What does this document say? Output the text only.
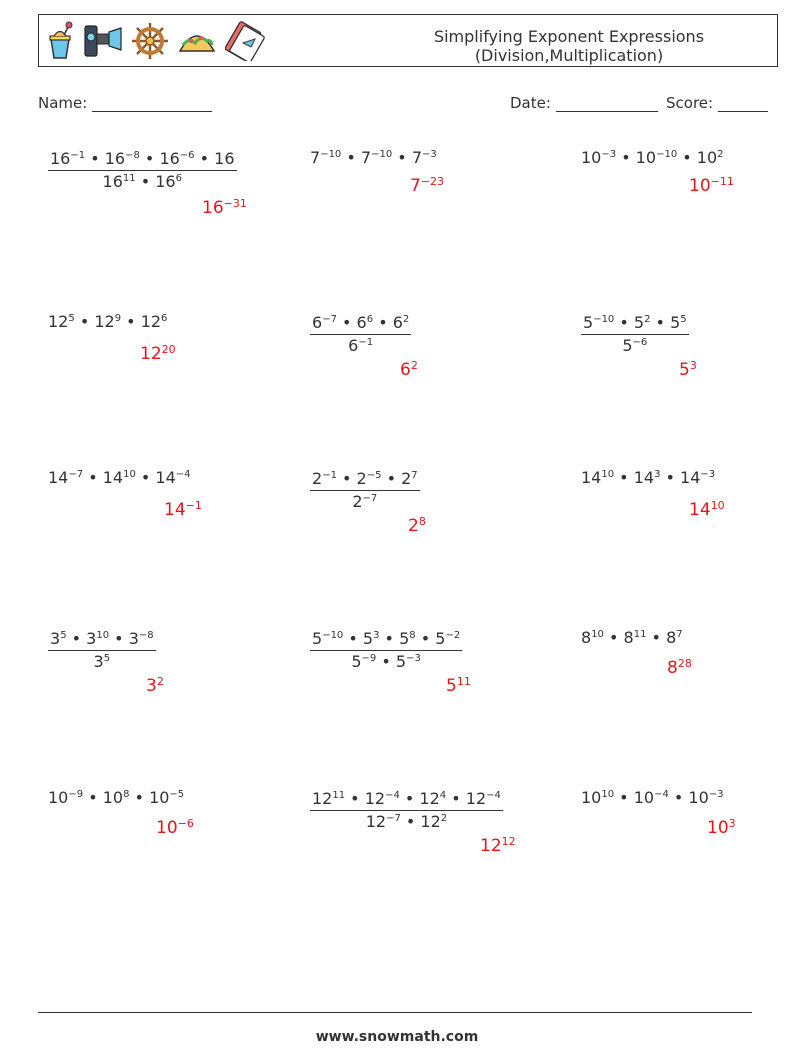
Simplifying Exponent Expressions
(Division,Multiplication)
Name:	Date:	Score:
$\frac{16^{-1} • 16^{-8} • 16^{-6} • 16}{16^{11} • 16^6}$
$16^{-31}$
$7^{-10}$ • $7^{-10}$ • $7^{-3}$
$7^{-23}$
$10^{-3}$ • $10^{-10}$ • $10^2$
$10^{-11}$
$12^5$ • $12^9$ • $12^6$
$12^{20}$	$\frac{6^{-7} • 6^6 • 6^2}{6^{-1}}$
$6^2$
$\frac{5^{-10} • 5^2 • 5^5}{5^{-6}}$
$5^3$
$14^{-7}$ • $14^{10}$ • $14^{-4}$
$14^{-1}$	$\frac{2^{-1} • 2^{-5} • 2^7}{2^{-7}}$
$2^8$
$14^{10}$ • $14^3$ • $14^{-3}$
$14^{10}$
$\frac{3^5 • 3^{10} • 3^{-8}}{3^5}$
$3^2$
$\frac{5^{-10} • 5^3 • 5^8 • 5^{-2}}{5^{-9} • 5^{-3}}$
$5^{11}$
$8^{10}$ • $8^{11}$ • $8^7$
$8^{28}$
$10^{-9}$ • $10^8$ • $10^{-5}$
$10^{-6}$	$\frac{12^{11} • 12^{-4} • 12^4 • 12^{-4}}{12^{-7} • 12^2}$
$12^{12}$
$10^{10}$ • $10^{-4}$ • $10^{-3}$
$10^3$
www.snowmath.com
